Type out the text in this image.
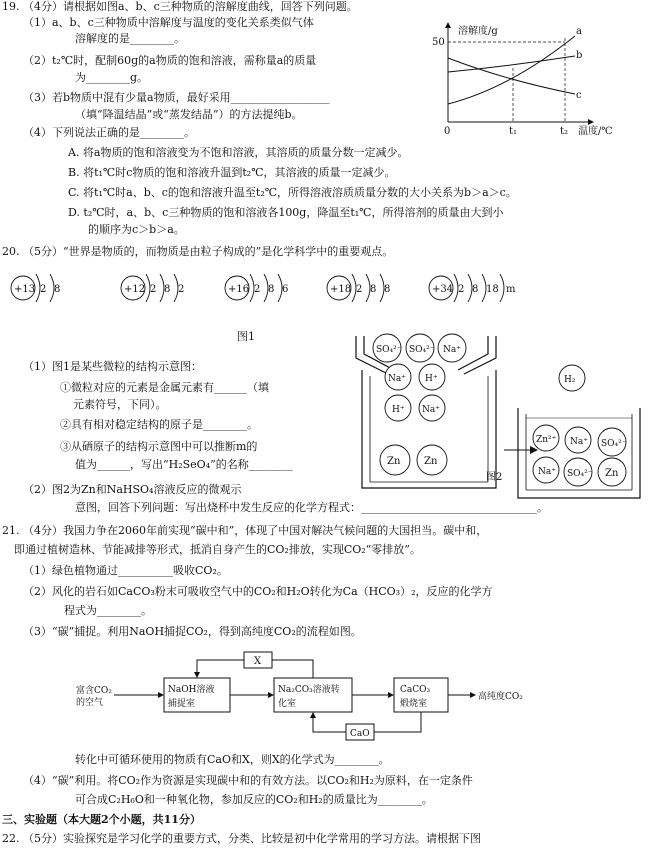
19. （4分）请根据如图a、b、c三种物质的溶解度曲线，回答下列问题。
（1）a、b、c三种物质中溶解度与温度的变化关系类似气体
溶解度的是________。
（2）t₂℃时，配制60g的a物质的饱和溶液，需称量a的质量
为________g。
（3）若b物质中混有少量a物质，最好采用__________________
（填“降温结晶”或“蒸发结晶”）的方法提纯b。
（4）下列说法正确的是________。
A. 将a物质的饱和溶液变为不饱和溶液，其溶质的质量分数一定减少。
B. 将t₁℃时c物质的饱和溶液升温到t₂℃，其溶液的质量一定减少。
C. 将t₁℃时a、b、c的饱和溶液升温至t₂℃，所得溶液溶质质量分数的大小关系为b＞a＞c。
D. t₂℃时，a、b、c三种物质的饱和溶液各100g，降温至t₁℃，所得溶剂的质量由大到小
的顺序为c＞b＞a。
溶解度/g
50
0	t₁	t₂ 温度/℃
a
b
c
20. （5分）“世界是物质的，而物质是由粒子构成的”是化学科学中的重要观点。
+13 2 8	+12 2 8 2	+16 2 8 6	+18 2 8 8	+34 2 8 18 m
图1
（1）图1是某些微粒的结构示意图：
①微粒对应的元素是金属元素有______（填
元素符号，下同）。
②具有相对稳定结构的原子是________。
③从硒原子的结构示意图中可以推断m的
值为______，写出“H₂SeO₄”的名称________
（2）图2为Zn和NaHSO₄溶液反应的微观示
意图，回答下列问题：写出烧杯中发生反应的化学方程式：________________________________。
SO₄²⁻ SO₄²⁻ Na⁺
Na⁺ H⁺
H⁺ Na⁺
Zn Zn
图2
H₂
Zn²⁺ Na⁺ SO₄²⁻
Na⁺ SO₄²⁻ Zn
21. （4分）我国力争在2060年前实现“碳中和”，体现了中国对解决气候问题的大国担当。碳中和，
即通过植树造林、节能减排等形式，抵消自身产生的CO₂排放，实现CO₂“零排放”。
（1）绿色植物通过__________吸收CO₂。
（2）风化的岩石如CaCO₃粉末可吸收空气中的CO₂和H₂O转化为Ca（HCO₃）₂，反应的化学方
程式为________。
（3）“碳”捕捉。利用NaOH捕捉CO₂，得到高纯度CO₂的流程如图。
富含CO₂
的空气
NaOH溶液
捕捉室
Na₂CO₃溶液转
化室
CaCO₃
煅烧室
高纯度CO₂
X
CaO
转化中可循环使用的物质有CaO和X，则X的化学式为________。
（4）“碳”利用。将CO₂作为资源是实现碳中和的有效方法。以CO₂和H₂为原料，在一定条件
可合成C₂H₆O和一种氧化物，参加反应的CO₂和H₂的质量比为________。
三、实验题（本大题2个小题，共11分）
22. （5分）实验探究是学习化学的重要方式，分类、比较是初中化学常用的学习方法。请根据下图
